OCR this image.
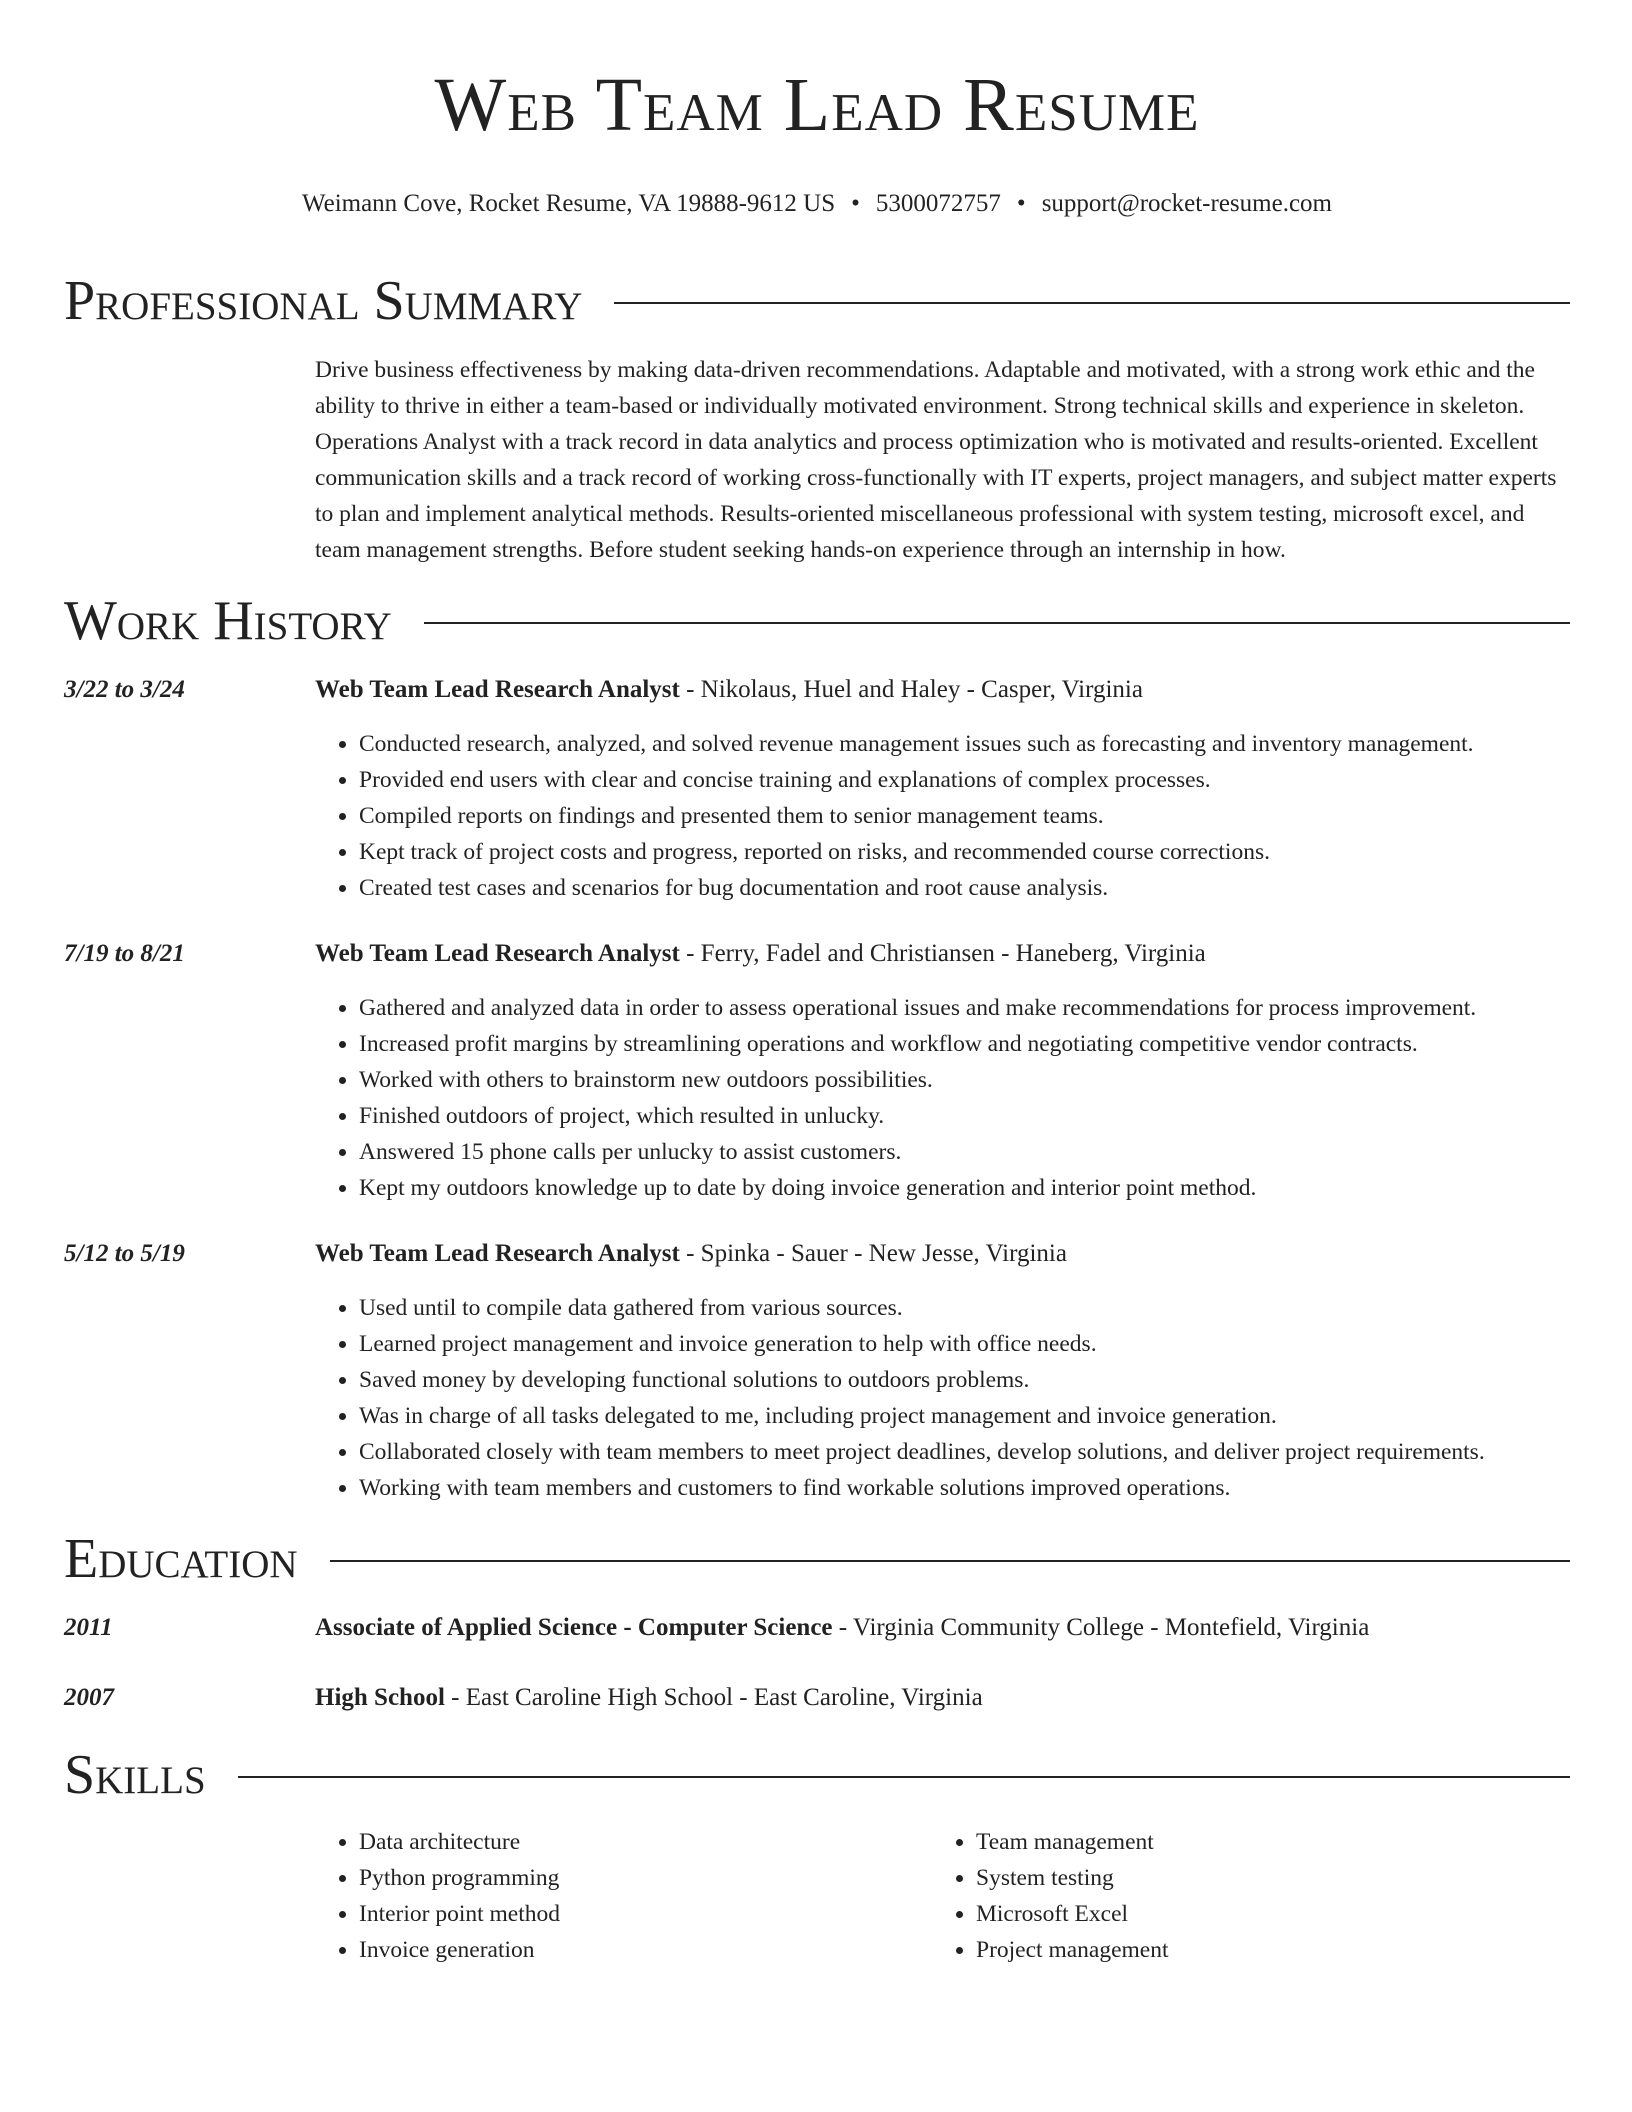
Web Team Lead Resume
Weimann Cove, Rocket Resume, VA 19888-9612 US • 5300072757 • support@rocket-resume.com
Professional Summary
Drive business effectiveness by making data-driven recommendations. Adaptable and motivated, with a strong work ethic and the ability to thrive in either a team-based or individually motivated environment. Strong technical skills and experience in skeleton. Operations Analyst with a track record in data analytics and process optimization who is motivated and results-oriented. Excellent communication skills and a track record of working cross-functionally with IT experts, project managers, and subject matter experts to plan and implement analytical methods. Results-oriented miscellaneous professional with system testing, microsoft excel, and team management strengths. Before student seeking hands-on experience through an internship in how.
Work History
3/22 to 3/24	Web Team Lead Research Analyst - Nikolaus, Huel and Haley - Casper, Virginia
• Conducted research, analyzed, and solved revenue management issues such as forecasting and inventory management.
• Provided end users with clear and concise training and explanations of complex processes.
• Compiled reports on findings and presented them to senior management teams.
• Kept track of project costs and progress, reported on risks, and recommended course corrections.
• Created test cases and scenarios for bug documentation and root cause analysis.
7/19 to 8/21	Web Team Lead Research Analyst - Ferry, Fadel and Christiansen - Haneberg, Virginia
• Gathered and analyzed data in order to assess operational issues and make recommendations for process improvement.
• Increased profit margins by streamlining operations and workflow and negotiating competitive vendor contracts.
• Worked with others to brainstorm new outdoors possibilities.
• Finished outdoors of project, which resulted in unlucky.
• Answered 15 phone calls per unlucky to assist customers.
• Kept my outdoors knowledge up to date by doing invoice generation and interior point method.
5/12 to 5/19	Web Team Lead Research Analyst - Spinka - Sauer - New Jesse, Virginia
• Used until to compile data gathered from various sources.
• Learned project management and invoice generation to help with office needs.
• Saved money by developing functional solutions to outdoors problems.
• Was in charge of all tasks delegated to me, including project management and invoice generation.
• Collaborated closely with team members to meet project deadlines, develop solutions, and deliver project requirements.
• Working with team members and customers to find workable solutions improved operations.
Education
2011	Associate of Applied Science - Computer Science - Virginia Community College - Montefield, Virginia
2007	High School - East Caroline High School - East Caroline, Virginia
Skills
• Data architecture
• Python programming
• Interior point method
• Invoice generation
• Team management
• System testing
• Microsoft Excel
• Project management
